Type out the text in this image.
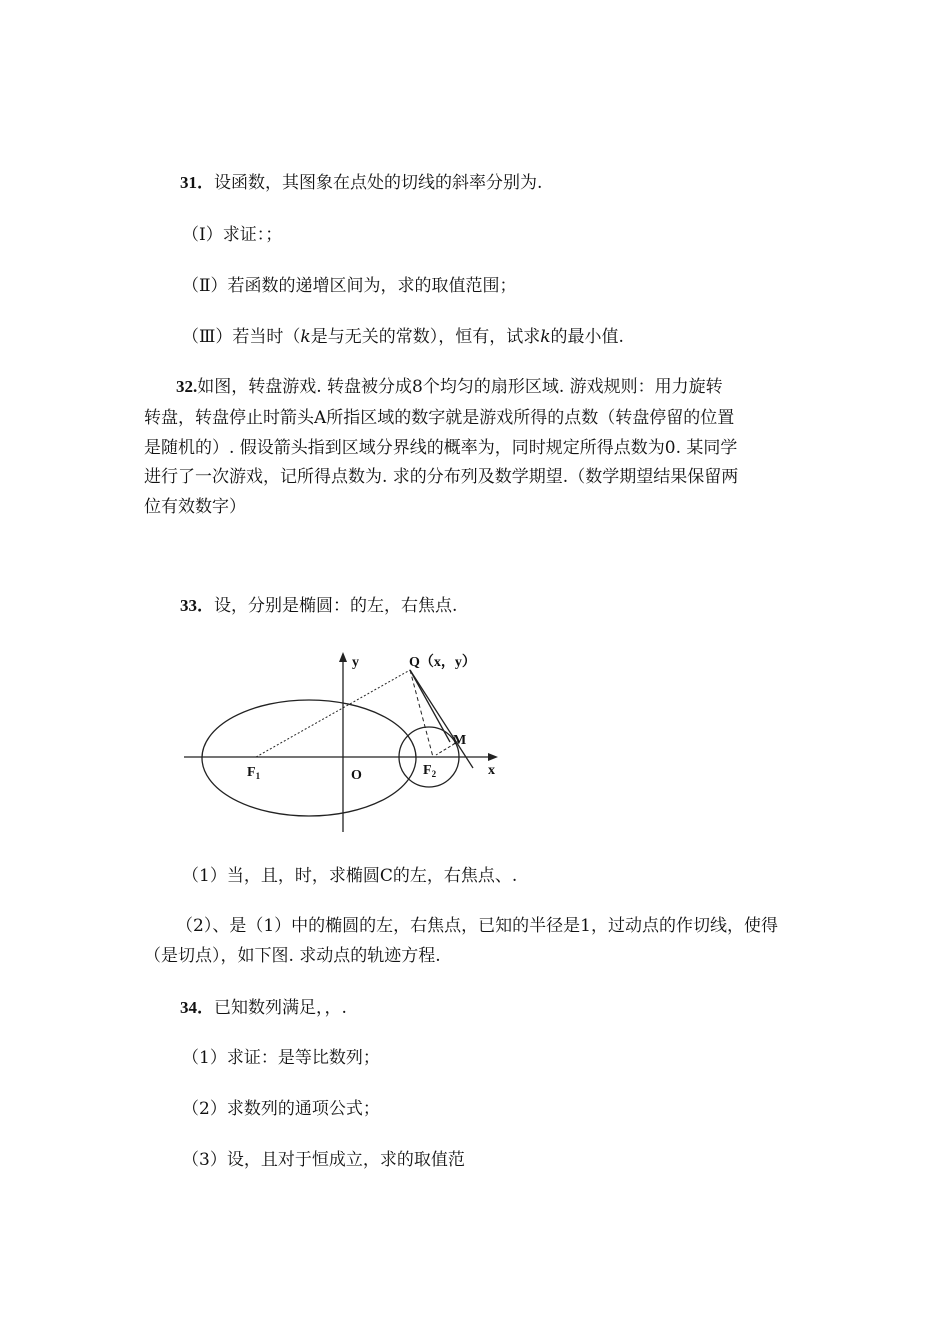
31．设函数，其图象在点处的切线的斜率分别为.
（Ⅰ）求证：；
（Ⅱ）若函数的递增区间为，求的取值范围；
（Ⅲ）若当时（k是与无关的常数），恒有，试求k的最小值.
32.如图，转盘游戏. 转盘被分成8个均匀的扇形区域. 游戏规则：用力旋转
转盘，转盘停止时箭头A所指区域的数字就是游戏所得的点数（转盘停留的位置
是随机的）. 假设箭头指到区域分界线的概率为，同时规定所得点数为0. 某同学
进行了一次游戏，记所得点数为. 求的分布列及数学期望.（数学期望结果保留两
位有效数字）
33．设，分别是椭圆：的左，右焦点.
y	Q（x，y）
M
x
O
$F_1$	$F_2$
（1）当，且，时，求椭圆C的左，右焦点、.
（2）、是（1）中的椭圆的左，右焦点，已知的半径是1，过动点的作切线，使得
（是切点），如下图. 求动点的轨迹方程.
34．已知数列满足，，.
（1）求证：是等比数列；
（2）求数列的通项公式；
（3）设，且对于恒成立，求的取值范
